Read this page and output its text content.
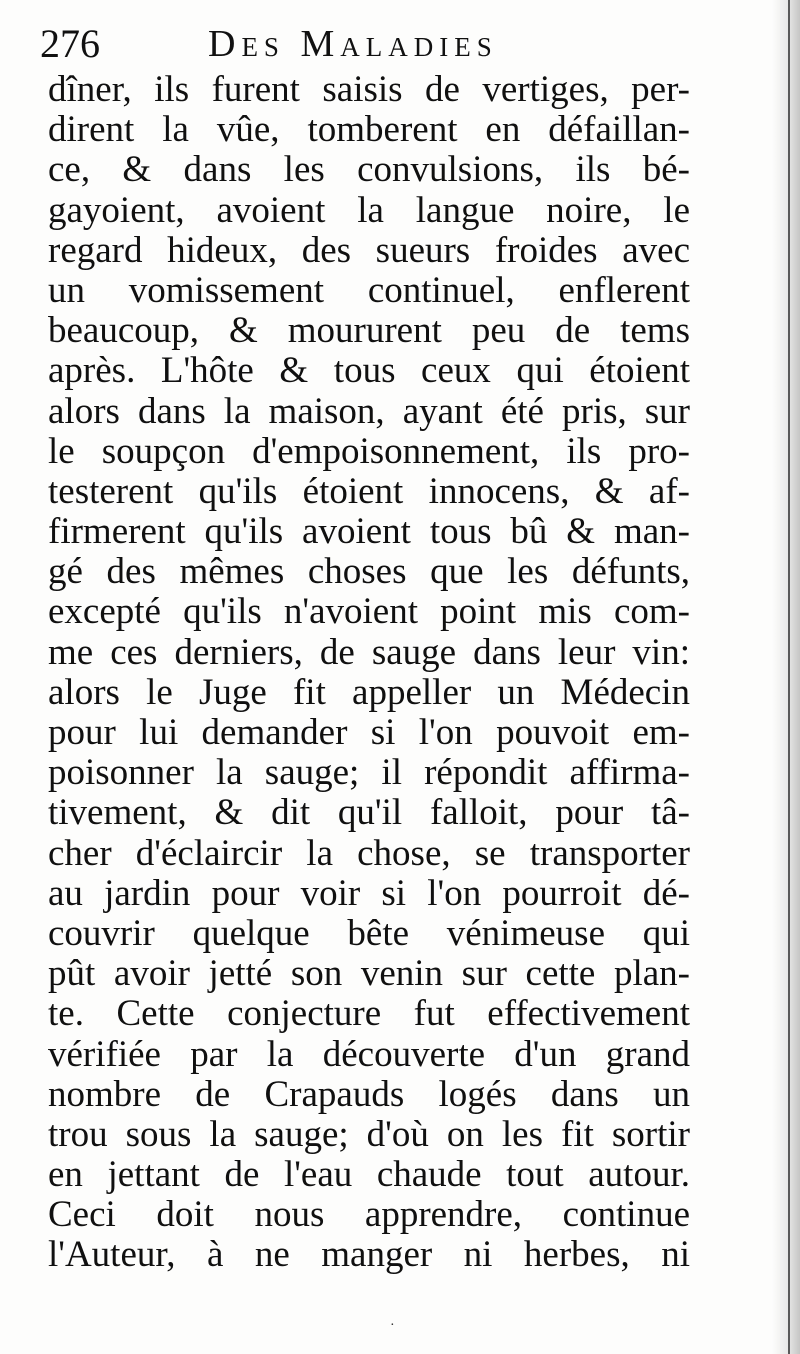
276	Des Maladies
dîner, ils furent saisis de vertiges, per-
dirent la vûe, tomberent en défaillan-
ce, & dans les convulsions, ils bé-
gayoient, avoient la langue noire, le
regard hideux, des sueurs froides avec
un vomissement continuel, enflerent
beaucoup, & moururent peu de tems
après. L'hôte & tous ceux qui étoient
alors dans la maison, ayant été pris, sur
le soupçon d'empoisonnement, ils pro-
testerent qu'ils étoient innocens, & af-
firmerent qu'ils avoient tous bû & man-
gé des mêmes choses que les défunts,
excepté qu'ils n'avoient point mis com-
me ces derniers, de sauge dans leur vin:
alors le Juge fit appeller un Médecin
pour lui demander si l'on pouvoit em-
poisonner la sauge; il répondit affirma-
tivement, & dit qu'il falloit, pour tâ-
cher d'éclaircir la chose, se transporter
au jardin pour voir si l'on pourroit dé-
couvrir quelque bête vénimeuse qui
pût avoir jetté son venin sur cette plan-
te. Cette conjecture fut effectivement
vérifiée par la découverte d'un grand
nombre de Crapauds logés dans un
trou sous la sauge; d'où on les fit sortir
en jettant de l'eau chaude tout autour.
Ceci doit nous apprendre, continue
l'Auteur, à ne manger ni herbes, ni
·
